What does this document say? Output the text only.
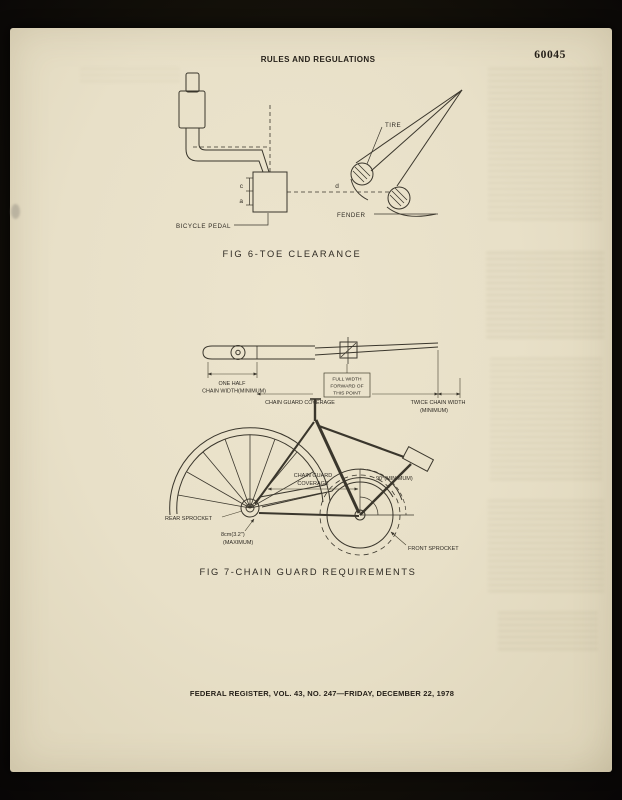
RULES AND REGULATIONS	60045
TIRE
FENDER
BICYCLE PEDAL
c
a
d
FIG 6-TOE CLEARANCE
ONE HALF
CHAIN WIDTH(MINIMUM)
CHAIN GUARD COVERAGE
FULL WIDTH
FORWARD OF
THIS POINT
TWICE CHAIN WIDTH
(MINIMUM)
CHAIN GUARD
COVERAGE
90°(MINIMUM)
REAR SPROCKET
8cm(3.2")
(MAXIMUM)
FRONT SPROCKET
FIG 7-CHAIN GUARD REQUIREMENTS
FEDERAL REGISTER, VOL. 43, NO. 247—FRIDAY, DECEMBER 22, 1978
